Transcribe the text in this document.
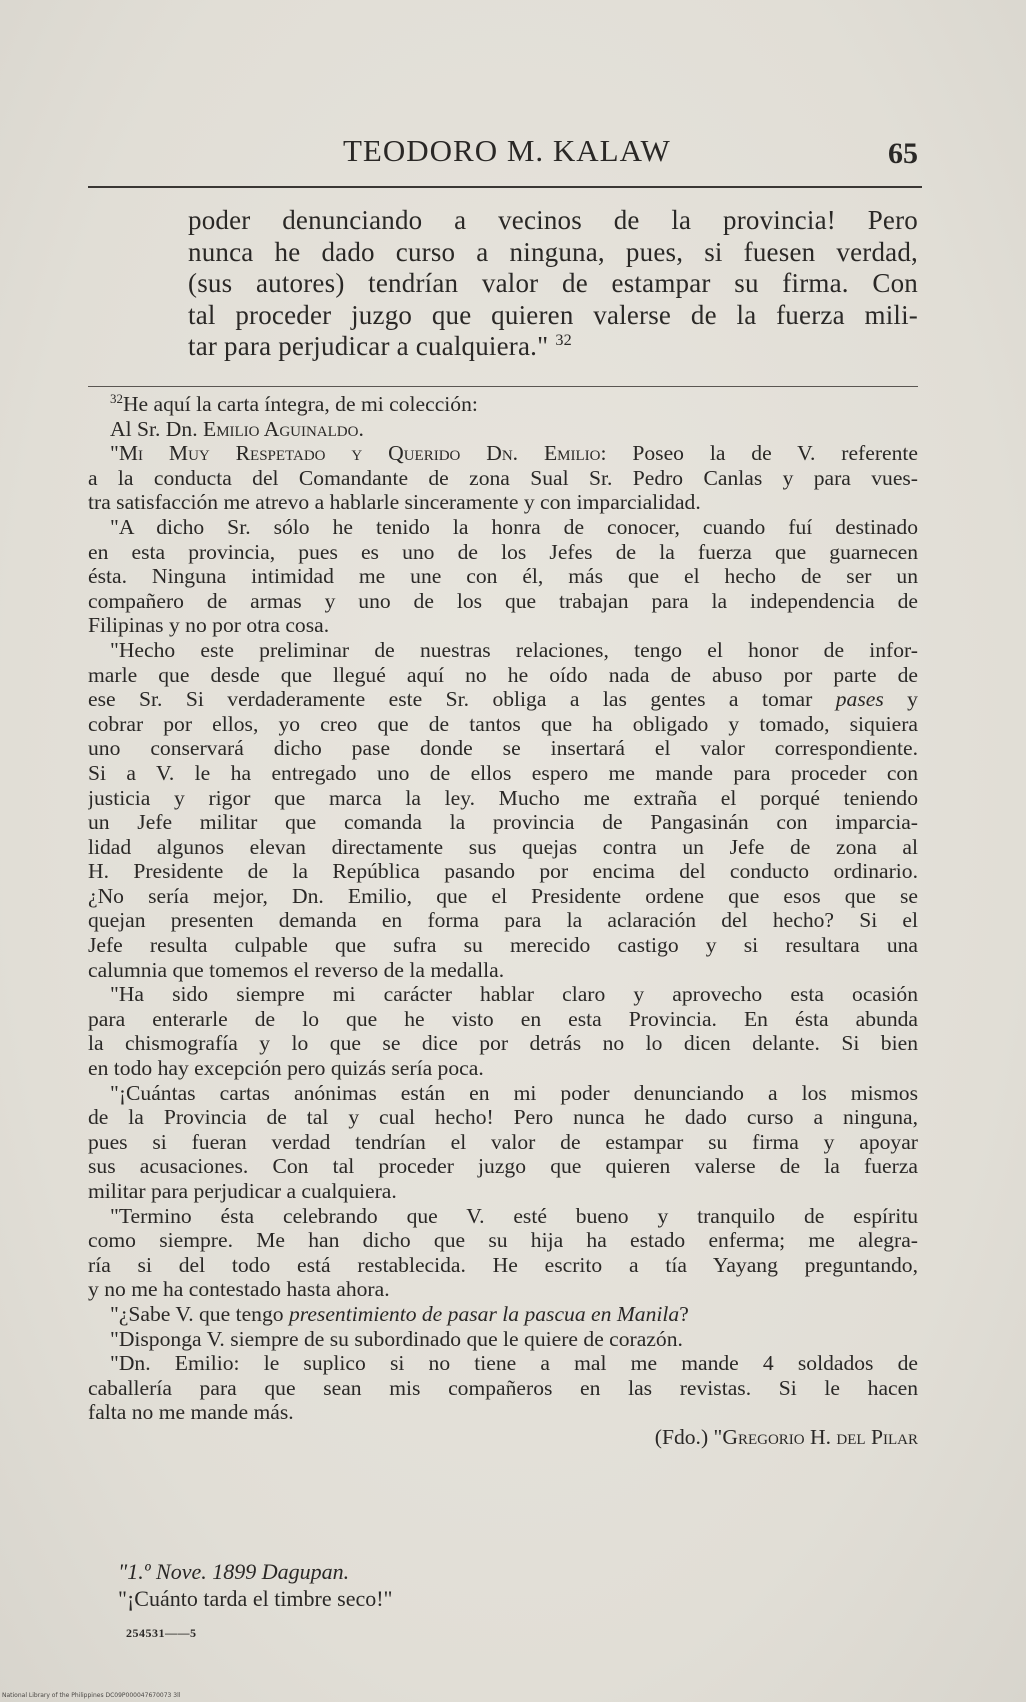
TEODORO M. KALAW	65
poder denunciando a vecinos de la provincia! Pero
nunca he dado curso a ninguna, pues, si fuesen verdad,
(sus autores) tendrían valor de estampar su firma. Con
tal proceder juzgo que quieren valerse de la fuerza mili-
tar para perjudicar a cualquiera." $^{32}$
$^{32}$He aquí la carta íntegra, de mi colección:
Al Sr. Dn. Emilio Aguinaldo.
"Mi Muy Respetado y Querido Dn. Emilio: Poseo la de V. referente
a la conducta del Comandante de zona Sual Sr. Pedro Canlas y para vues-
tra satisfacción me atrevo a hablarle sinceramente y con imparcialidad.
"A dicho Sr. sólo he tenido la honra de conocer, cuando fuí destinado
en esta provincia, pues es uno de los Jefes de la fuerza que guarnecen
ésta. Ninguna intimidad me une con él, más que el hecho de ser un
compañero de armas y uno de los que trabajan para la independencia de
Filipinas y no por otra cosa.
"Hecho este preliminar de nuestras relaciones, tengo el honor de infor-
marle que desde que llegué aquí no he oído nada de abuso por parte de
ese Sr. Si verdaderamente este Sr. obliga a las gentes a tomar pases y
cobrar por ellos, yo creo que de tantos que ha obligado y tomado, siquiera
uno conservará dicho pase donde se insertará el valor correspondiente.
Si a V. le ha entregado uno de ellos espero me mande para proceder con
justicia y rigor que marca la ley. Mucho me extraña el porqué teniendo
un Jefe militar que comanda la provincia de Pangasinán con imparcia-
lidad algunos elevan directamente sus quejas contra un Jefe de zona al
H. Presidente de la República pasando por encima del conducto ordinario.
¿No sería mejor, Dn. Emilio, que el Presidente ordene que esos que se
quejan presenten demanda en forma para la aclaración del hecho? Si el
Jefe resulta culpable que sufra su merecido castigo y si resultara una
calumnia que tomemos el reverso de la medalla.
"Ha sido siempre mi carácter hablar claro y aprovecho esta ocasión
para enterarle de lo que he visto en esta Provincia. En ésta abunda
la chismografía y lo que se dice por detrás no lo dicen delante. Si bien
en todo hay excepción pero quizás sería poca.
"¡Cuántas cartas anónimas están en mi poder denunciando a los mismos
de la Provincia de tal y cual hecho! Pero nunca he dado curso a ninguna,
pues si fueran verdad tendrían el valor de estampar su firma y apoyar
sus acusaciones. Con tal proceder juzgo que quieren valerse de la fuerza
militar para perjudicar a cualquiera.
"Termino ésta celebrando que V. esté bueno y tranquilo de espíritu
como siempre. Me han dicho que su hija ha estado enferma; me alegra-
ría si del todo está restablecida. He escrito a tía Yayang preguntando,
y no me ha contestado hasta ahora.
"¿Sabe V. que tengo presentimiento de pasar la pascua en Manila?
"Disponga V. siempre de su subordinado que le quiere de corazón.
"Dn. Emilio: le suplico si no tiene a mal me mande 4 soldados de
caballería para que sean mis compañeros en las revistas. Si le hacen
falta no me mande más.
(Fdo.) "Gregorio H. del Pilar

"1.º Nove. 1899 Dagupan.
"¡Cuánto tarda el timbre seco!"
254531——5
National Library of the Philippines DC09P000047670073 3ll
